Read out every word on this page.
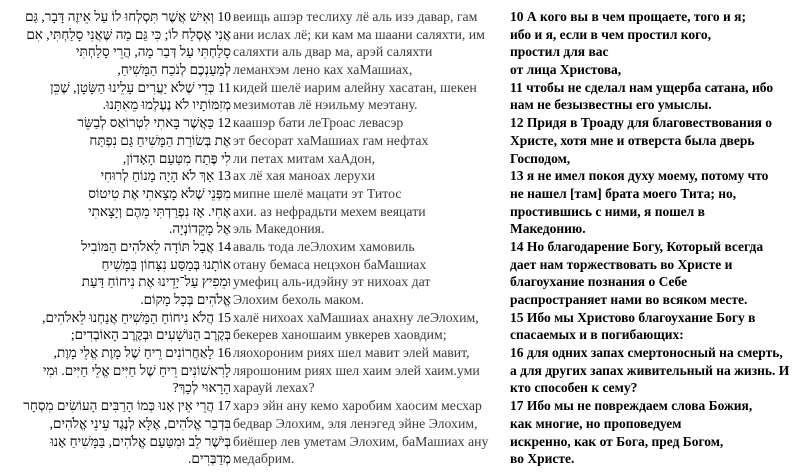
10 וְאִישׁ אֲשֶׁר תִּסְלְחוּ לוֹ עַל אֵיזֶה דָּבָר, גַּם
אֲנִי אֶסְלַח לוֹ; כִּי גַּם מַה שֶּׁאֲנִי סָלַחְתִּי, אִם
סָלַחְתִּי עַל דְּבַר מָה, הֲרֵי סָלַחְתִּי
לְמַעַנְכֶם לְנֹכַח הַמָּשִׁיחַ,
11 כְּדֵי שֶׁלֹא יַעֲרִים עָלֵינוּ הַשָּׂטָן, שֶׁכֵּן
מְזִמּוֹתָיו לֹא נֶעֶלְמוּ מֵאִתָּנוּ.
12 כַּאֲשֶׁר בָּאתִי לִטְרוֹאַס לְבַשֵּׂר
אֶת בְּשׂוֹרַת הַמָּשִׁיחַ גַּם נִפְתַּח
לִי פֶּתַח מִטַּעַם הָאָדוֹן,
13 אַךְ לֹא הָיָה מָנוֹחַ לְרוּחִי
מִפְּנֵי שֶׁלֹא מָצָאתִי אֶת טִיטוֹס
אָחִי. אָז נִפְרַדְתִּי מֵהֶם וְיָצָאתִי
אֶל מָקֵדוֹנְיָה.
14 אֲבָל תּוֹדָה לֵאלֹהִים הַמּוֹבִיל
אוֹתָנוּ בְּמַסַּע נִצָּחוֹן בַּמָּשִׁיחַ
וּמֵפִיץ עַל־יָדֵינוּ אֶת נִיחוֹחַ דַּעַת
אֱלֹהִים בְּכָל מָקוֹם.
15 הֲלֹא נִיחוֹחַ הַמָּשִׁיחַ אֲנַחְנוּ לֵאלֹהִים,
בְּקֶרֶב הַנּוֹשָׁעִים וּבְקֶרֶב הָאוֹבְדִים;
16 לָאַחֲרוֹנִים רֵיחַ שֶׁל מָוֶת אֱלֵי מָוֶת,
לָרִאשׁוֹנִים רֵיחַ שֶׁל חַיִּים אֱלֵי חַיִּים. וּמִי
הָרָאוּי לְכָךְ?
17 הֲרֵי אֵין אָנוּ כְּמוֹ הָרַבִּים הָעוֹשִׂים מִסְחָר
בִּדְבַר אֱלֹהִים, אֶלָּא לְנֶגֶד עֵינֵי אֱלֹהִים,
בְּיֹשֶׁר לֵב וּמִטַּעַם אֱלֹהִים, בַּמָּשִׁיחַ אָנוּ
מְדַבְּרִים.
веищь ашэр теслиху лё аль изэ давар, гам
ани ислах лё; ки кам ма шаани саляхти, им
саляхти аль двар ма, арэй саляхти
леманхэм лено ках хаМашиах,
кидей шелё иарим алейну хасатан, шекен
мезимотав лё нэильму меэтану.
каашэр бати леТроас левасэр
эт бесорат хаМашиах гам нефтах
ли петах митам хаАдон,
ах лё хая маноах лерухи
мипне шелё мацати эт Титос
ахи. аз нефрадьти мехем веяцати
эль Македония.
аваль тода леЭлохим хамовиль
отану бемаса нецэхон баМашиах
умефиц аль-идэйну эт нихоах дат
Элохим бехоль маком.
халё нихоах хаМашиах анахну леЭлохим,
бекерев ханошаим увкерев хаовдим;
ляохороним риях шел мавит элей мавит,
лярошоним риях шел хаим элей хаим.уми
харауй лехах?
харэ эйн ану кемо харобим хаосим месхар
бедвар Элохим, эля ленэгед эйне Элохим,
биёшер лев уметам Элохим, баМашиах ану
медабрим.
10 А кого вы в чем прощаете, того и я;
ибо и я, если в чем простил кого,
простил для вас
от лица Христова,
11 чтобы не сделал нам ущерба сатана, ибо
нам не безызвестны его умыслы.
12 Придя в Троаду для благовествования о
Христе, хотя мне и отверста была дверь
Господом,
13 я не имел покоя духу моему, потому что
не нашел [там] брата моего Тита; но,
простившись с ними, я пошел в
Македонию.
14 Но благодарение Богу, Который всегда
дает нам торжествовать во Христе и
благоухание познания о Себе
распространяет нами во всяком месте.
15 Ибо мы Христово благоухание Богу в
спасаемых и в погибающих:
16 для одних запах смертоносный на смерть,
а для других запах живительный на жизнь. И
кто способен к сему?
17 Ибо мы не повреждаем слова Божия,
как многие, но проповедуем
искренно, как от Бога, пред Богом,
во Христе.
